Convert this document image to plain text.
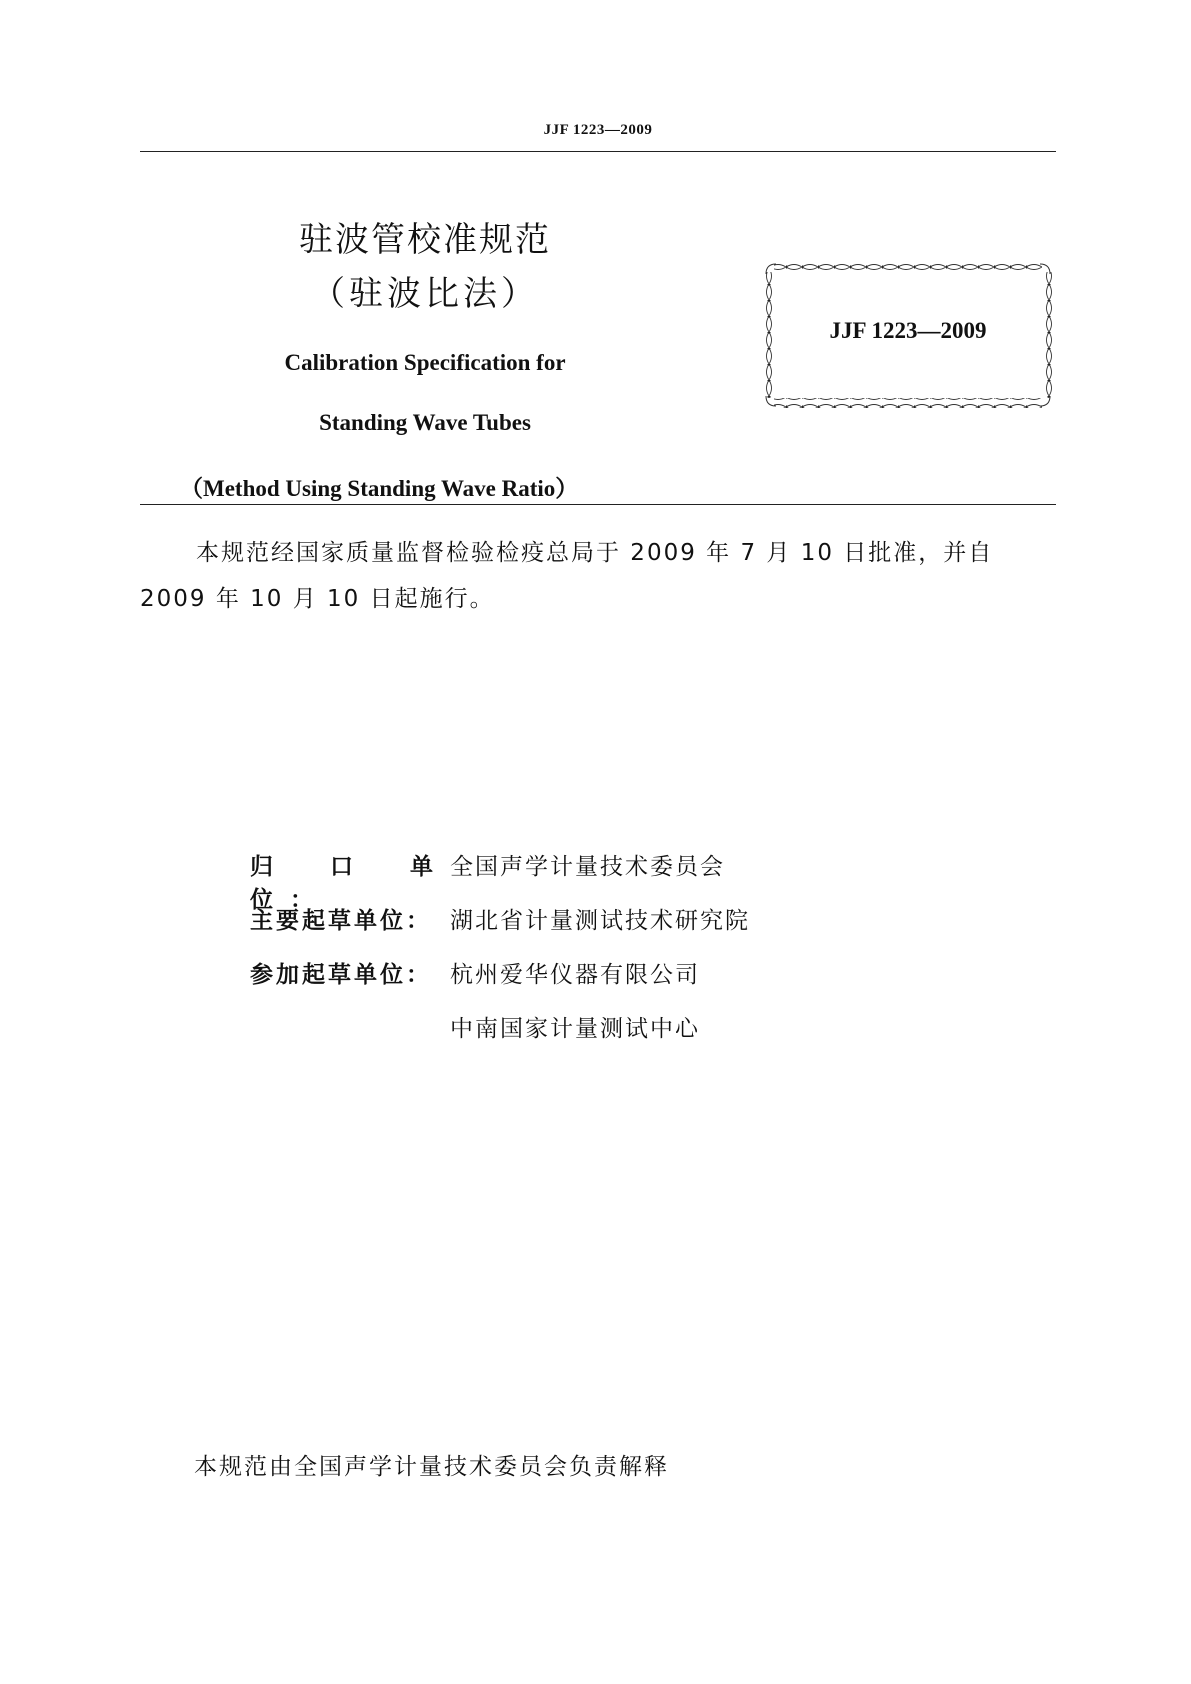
JJF 1223—2009
驻波管校准规范
（驻波比法）
Calibration Specification for
Standing Wave Tubes
（Method Using Standing Wave Ratio）
JJF 1223—2009
本规范经国家质量监督检验检疫总局于 2009 年 7 月 10 日批准，并自 2009 年 10 月 10 日起施行。
归 口 单 位：
全国声学计量技术委员会
主要起草单位： 湖北省计量测试技术研究院
参加起草单位： 杭州爱华仪器有限公司
中南国家计量测试中心
本规范由全国声学计量技术委员会负责解释
